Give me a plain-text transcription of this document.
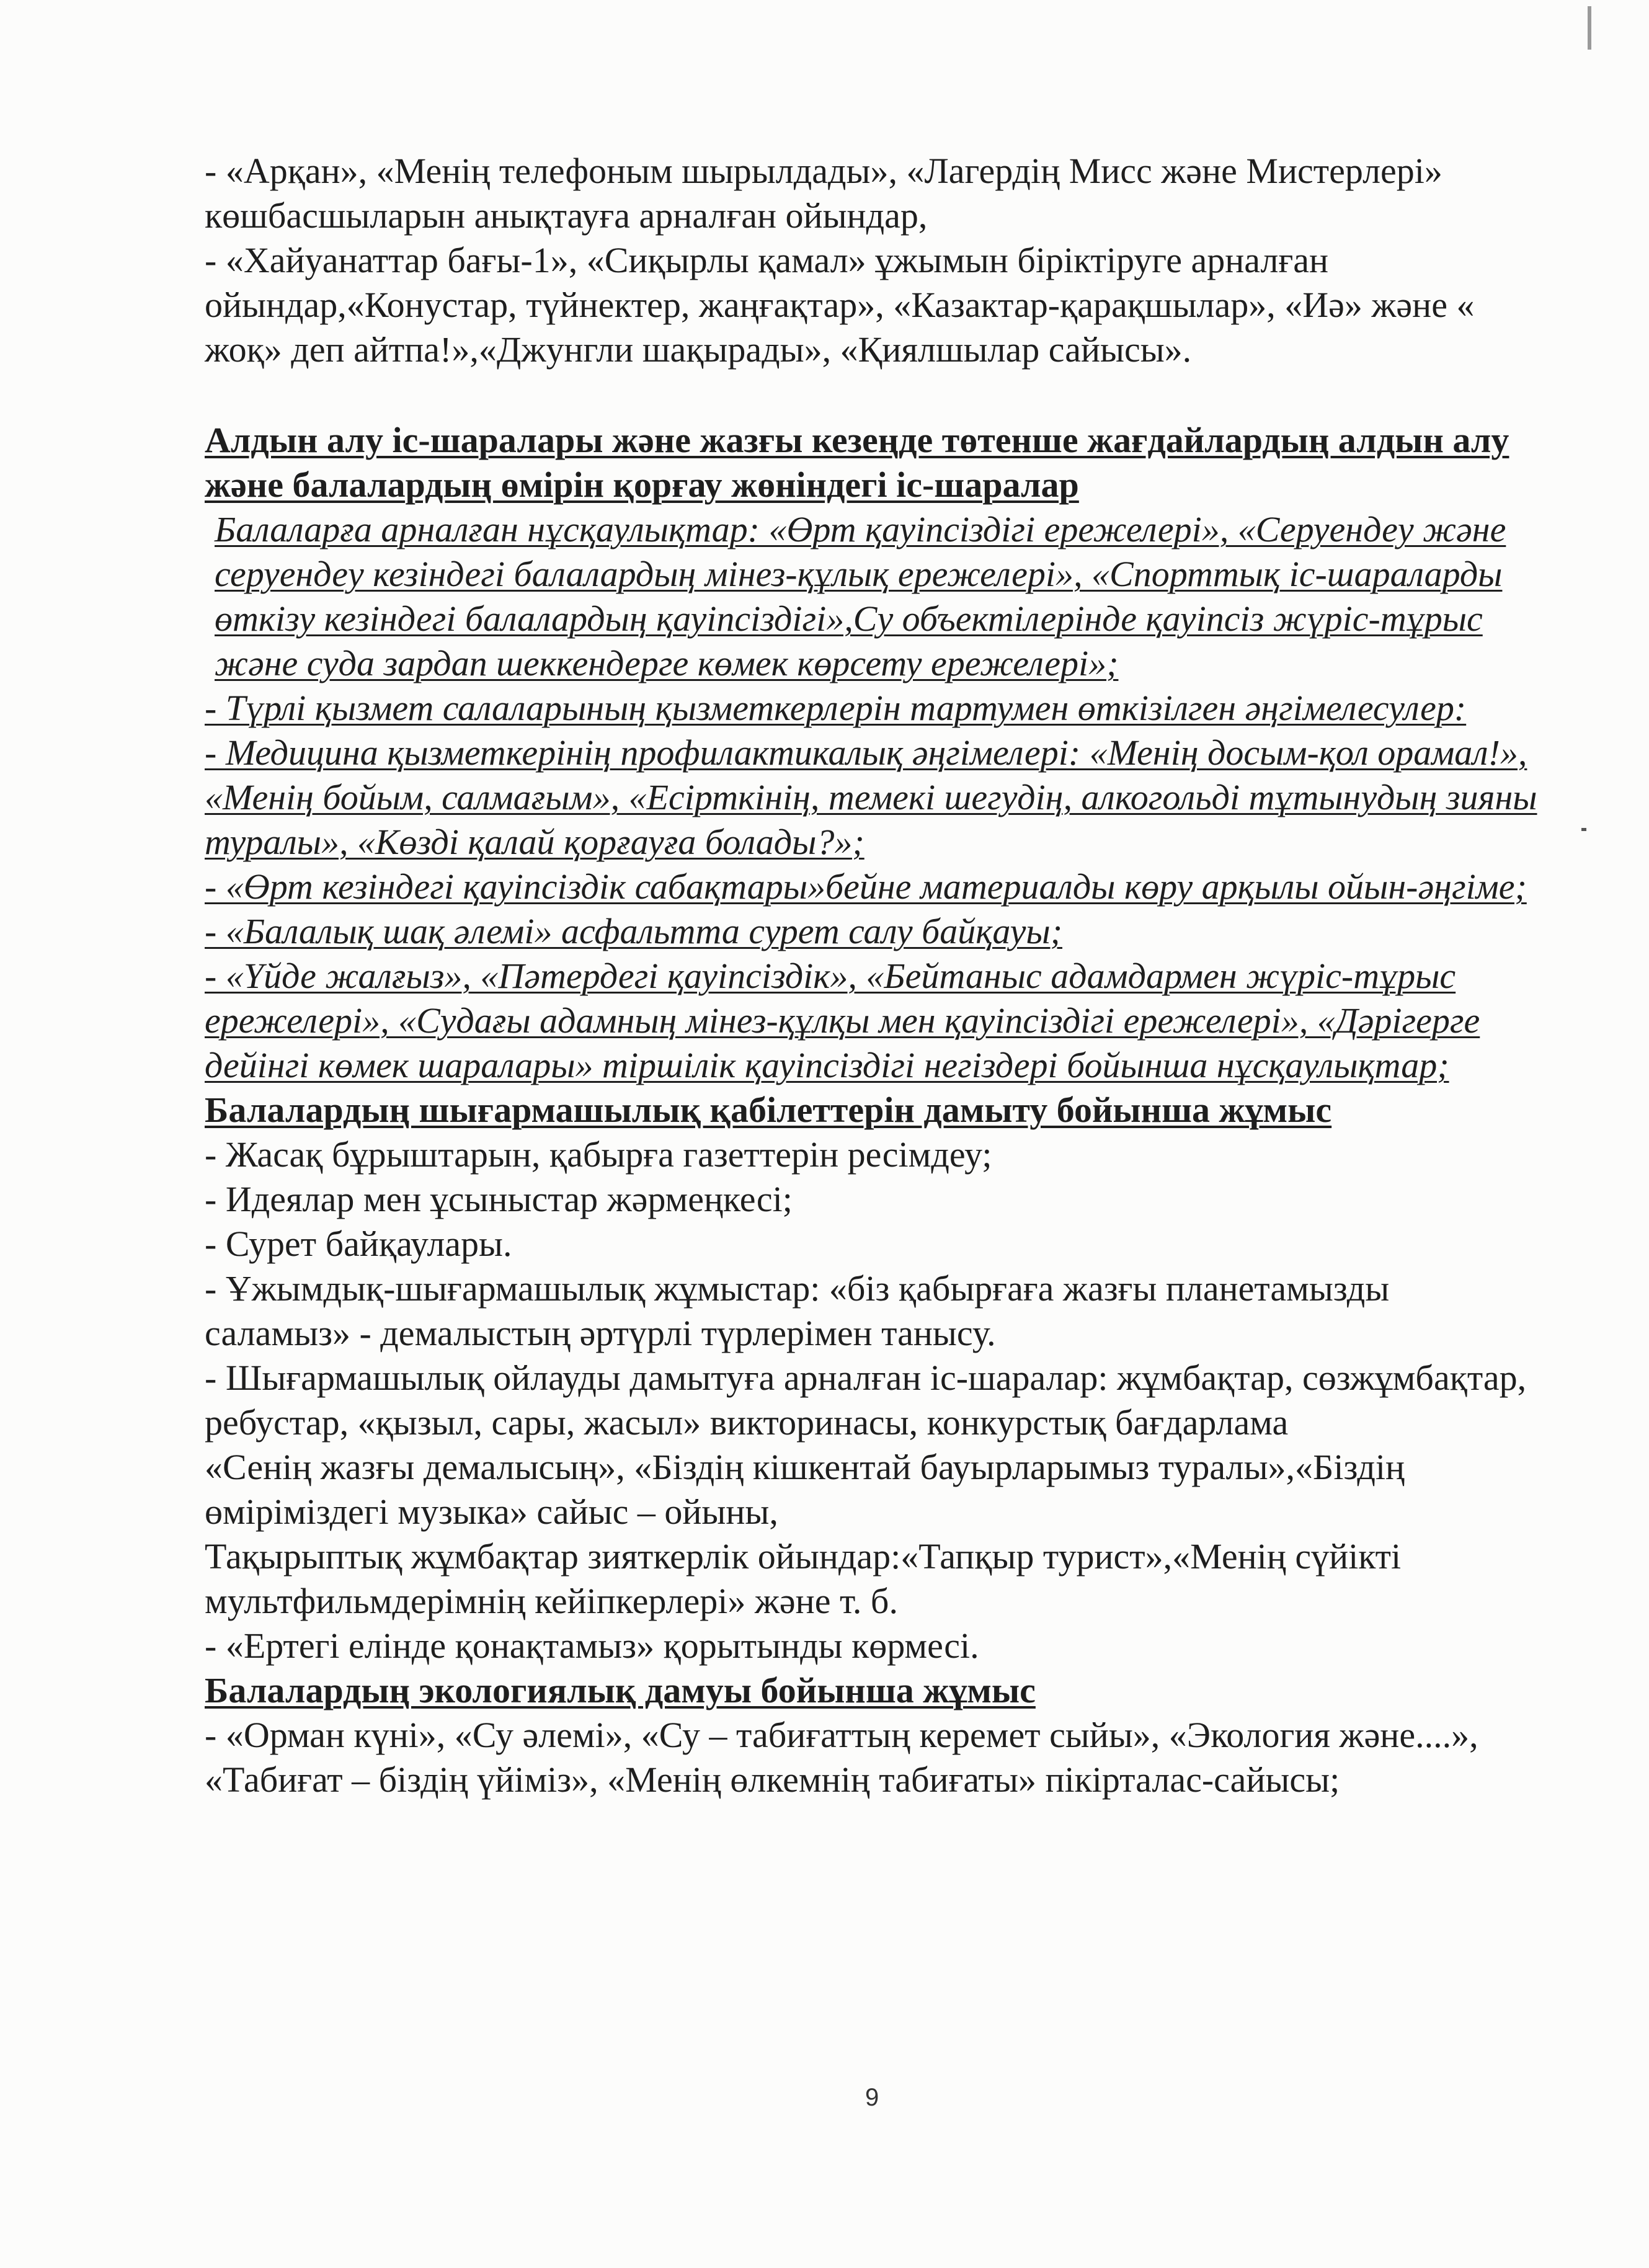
- «Арқан», «Менің телефоным шырылдады», «Лагердің Мисс және Мистерлері» көшбасшыларын анықтауға арналған ойындар,

- «Хайуанаттар бағы-1», «Сиқырлы қамал» ұжымын біріктіруге арналған ойындар,«Конустар, түйнектер, жаңғақтар», «Казактар-қарақшылар», «Иә» және « жоқ» деп айтпа!»,«Джунгли шақырады», «Қиялшылар сайысы».

Алдын алу іс-шаралары және жазғы кезеңде төтенше жағдайлардың алдын алу және балалардың өмірін қорғау жөніндегі іс-шаралар

Балаларға арналған нұсқаулықтар: «Өрт қауіпсіздігі ережелері», «Серуендеу және серуендеу кезіндегі балалардың мінез-құлық ережелері», «Спорттық іс-шараларды өткізу кезіндегі балалардың қауіпсіздігі»,Су объектілерінде қауіпсіз жүріс-тұрыс және суда зардап шеккендерге көмек көрсету ережелері»;

- Түрлі қызмет салаларының қызметкерлерін тартумен өткізілген әңгімелесулер:

- Медицина қызметкерінің профилактикалық әңгімелері: «Менің досым-қол орамал!», «Менің бойым, салмағым», «Есірткінің, темекі шегудің, алкогольді тұтынудың зияны туралы», «Көзді қалай қорғауға болады?»;

- «Өрт кезіндегі қауіпсіздік сабақтары»бейне материалды көру арқылы ойын-әңгіме;

- «Балалық шақ әлемі» асфальтта сурет салу байқауы;

- «Үйде жалғыз», «Пәтердегі қауіпсіздік», «Бейтаныс адамдармен жүріс-тұрыс ережелері», «Судағы адамның мінез-құлқы мен қауіпсіздігі ережелері», «Дәрігерге дейінгі көмек шаралары» тіршілік қауіпсіздігі негіздері бойынша нұсқаулықтар;

Балалардың шығармашылық қабілеттерін дамыту бойынша жұмыс

- Жасақ бұрыштарын, қабырға газеттерін ресімдеу;

- Идеялар мен ұсыныстар жәрмеңкесі;

- Сурет байқаулары.

- Ұжымдық-шығармашылық жұмыстар: «біз қабырғаға жазғы планетамызды саламыз» - демалыстың әртүрлі түрлерімен танысу.

- Шығармашылық ойлауды дамытуға арналған іс-шаралар: жұмбақтар, сөзжұмбақтар, ребустар, «қызыл, сары, жасыл» викторинасы, конкурстық бағдарлама

«Сенің жазғы демалысың», «Біздің кішкентай бауырларымыз туралы»,«Біздің өміріміздегі музыка» сайыс – ойыны,

Тақырыптық жұмбақтар зияткерлік ойындар:«Тапқыр турист»,«Менің сүйікті мультфильмдерімнің кейіпкерлері» және т. б.

- «Ертегі елінде қонақтамыз» қорытынды көрмесі.

Балалардың экологиялық дамуы бойынша жұмыс

- «Орман күні», «Су әлемі», «Су – табиғаттың керемет сыйы», «Экология және....», «Табиғат – біздің үйіміз», «Менің өлкемнің табиғаты» пікірталас-сайысы;

9
